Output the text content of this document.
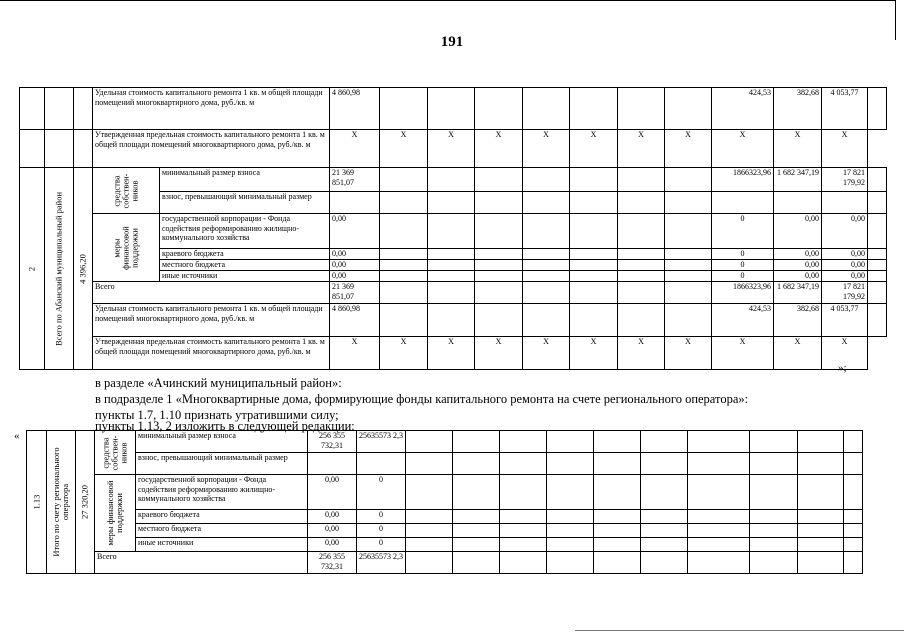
191
			Удельная стоимость капитального ремонта 1 кв. м общей площади помещений многоквартирного дома, руб./кв. м		4 860,98								424,53	382,68	4 053,77	
			Утвержденная предельная стоимость капитального ремонта 1 кв. м общей площади помещений многоквартирного дома, руб./кв. м		Х	Х	Х	Х	Х	Х	Х	Х	Х	Х	Х	

2	Всего по Абанский муниципальный район	4 396,20	средства собствен-ников	минимальный размер взноса	21 369 851,07								1866323,96	1 682 347,19	17 821 179,92	
				взнос, превышающий минимальный размер												

			меры финансовой поддержки	государственной корпорации - Фонда содействия реформированию жилищно-коммунального хозяйства	0,00								0	0,00	0,00	
				краевого бюджета	0,00								0	0,00	0,00	
				местного бюджета	0,00								0	0,00	0,00	
				иные источники	0,00								0	0,00	0,00	
			Всего		21 369 851,07								1866323,96	1 682 347,19	17 821 179,92	
			Удельная стоимость капитального ремонта 1 кв. м общей площади помещений многоквартирного дома, руб./кв. м		4 860,98								424,53	382,68	4 053,77	
			Утвержденная предельная стоимость капитального ремонта 1 кв. м общей площади помещений многоквартирного дома, руб./кв. м		Х	Х	Х	Х	Х	Х	Х	Х	Х	Х	Х	
»;
в разделе «Ачинский муниципальный район»:
в подразделе 1 «Многоквартирные дома, формирующие фонды капитального ремонта на счете регионального оператора»:
пункты 1.7, 1.10 признать утратившими силу;
пункты 1.13, 2 изложить в следующей редакции:
«
1.13	Итого по счету регионального оператора	27 320,20	средства собствен-ников	минимальный размер взноса	256 355 732,31	25635573 2,3										
				взнос, превышающий минимальный размер												

			меры финансовой поддержки	государственной корпорации - Фонда содействия реформированию жилищно-коммунального хозяйства	0,00	0										
				краевого бюджета	0,00	0										
				местного бюджета	0,00	0										
				иные источники	0,00	0										
			Всего		256 355 732,31	25635573 2,3										
